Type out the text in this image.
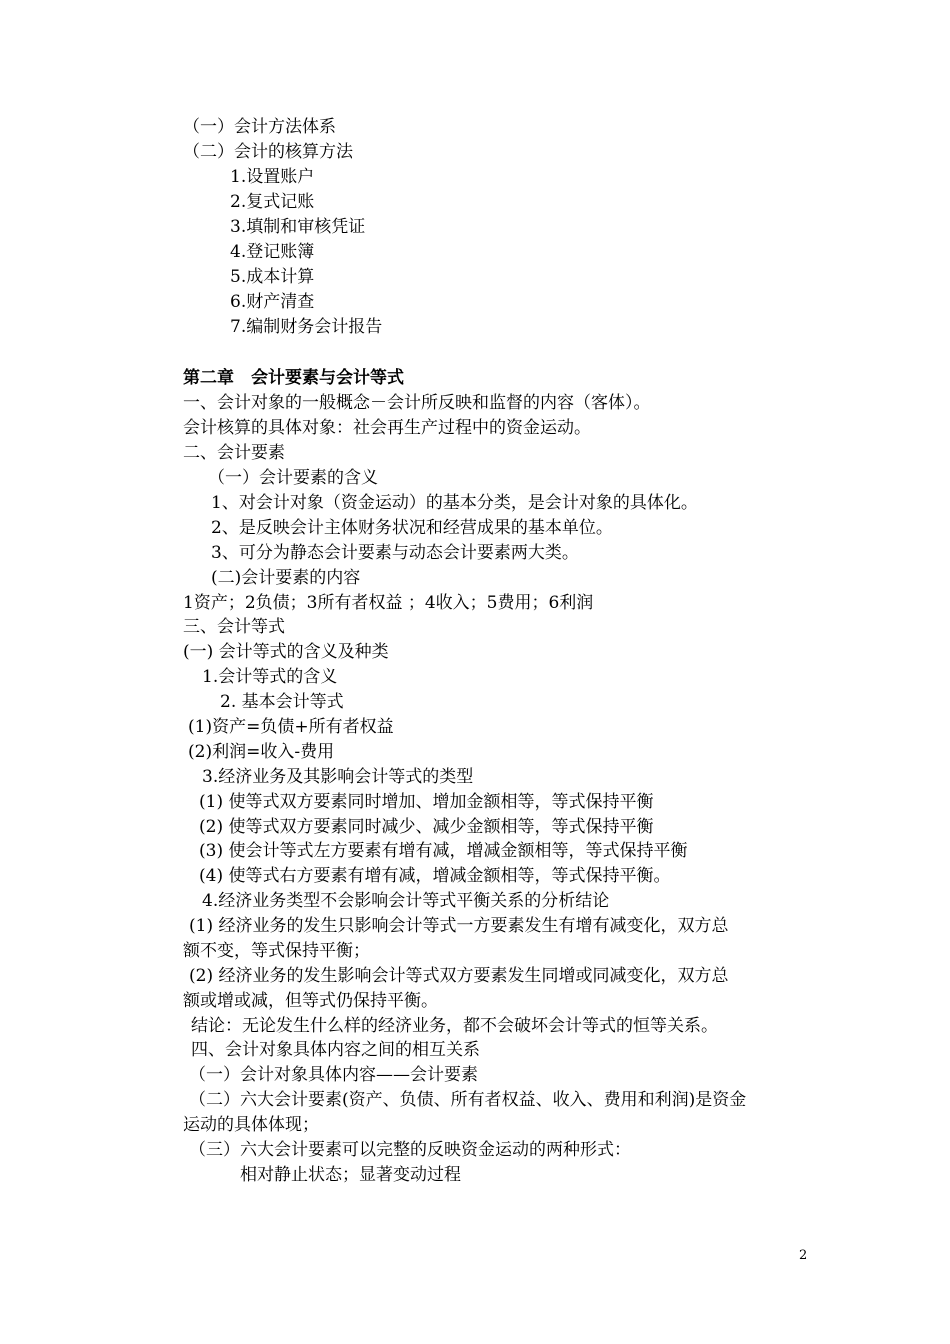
（一）会计方法体系
（二）会计的核算方法
1.设置账户
2.复式记账
3.填制和审核凭证
4.登记账簿
5.成本计算
6.财产清查
7.编制财务会计报告
第二章　会计要素与会计等式
一、会计对象的一般概念－会计所反映和监督的内容（客体）。
会计核算的具体对象：社会再生产过程中的资金运动。
二、会计要素
（一）会计要素的含义
1、对会计对象（资金运动）的基本分类，是会计对象的具体化。
2、是反映会计主体财务状况和经营成果的基本单位。
3、可分为静态会计要素与动态会计要素两大类。
(二)会计要素的内容
1资产；2负债；3所有者权益 ；4收入；5费用；6利润
三、会计等式
(一) 会计等式的含义及种类
1.会计等式的含义
2. 基本会计等式
(1)资产=负债+所有者权益
(2)利润=收入-费用
3.经济业务及其影响会计等式的类型
(1) 使等式双方要素同时增加、增加金额相等，等式保持平衡
(2) 使等式双方要素同时减少、减少金额相等，等式保持平衡
(3) 使会计等式左方要素有增有减，增减金额相等，等式保持平衡
(4) 使等式右方要素有增有减，增减金额相等，等式保持平衡。
4.经济业务类型不会影响会计等式平衡关系的分析结论
(1) 经济业务的发生只影响会计等式一方要素发生有增有减变化，双方总
额不变，等式保持平衡；
(2) 经济业务的发生影响会计等式双方要素发生同增或同减变化，双方总
额或增或减，但等式仍保持平衡。
结论：无论发生什么样的经济业务，都不会破坏会计等式的恒等关系。
四、会计对象具体内容之间的相互关系
（一）会计对象具体内容——会计要素
（二）六大会计要素(资产、负债、所有者权益、收入、费用和利润)是资金
运动的具体体现；
（三）六大会计要素可以完整的反映资金运动的两种形式：
相对静止状态；显著变动过程
2
